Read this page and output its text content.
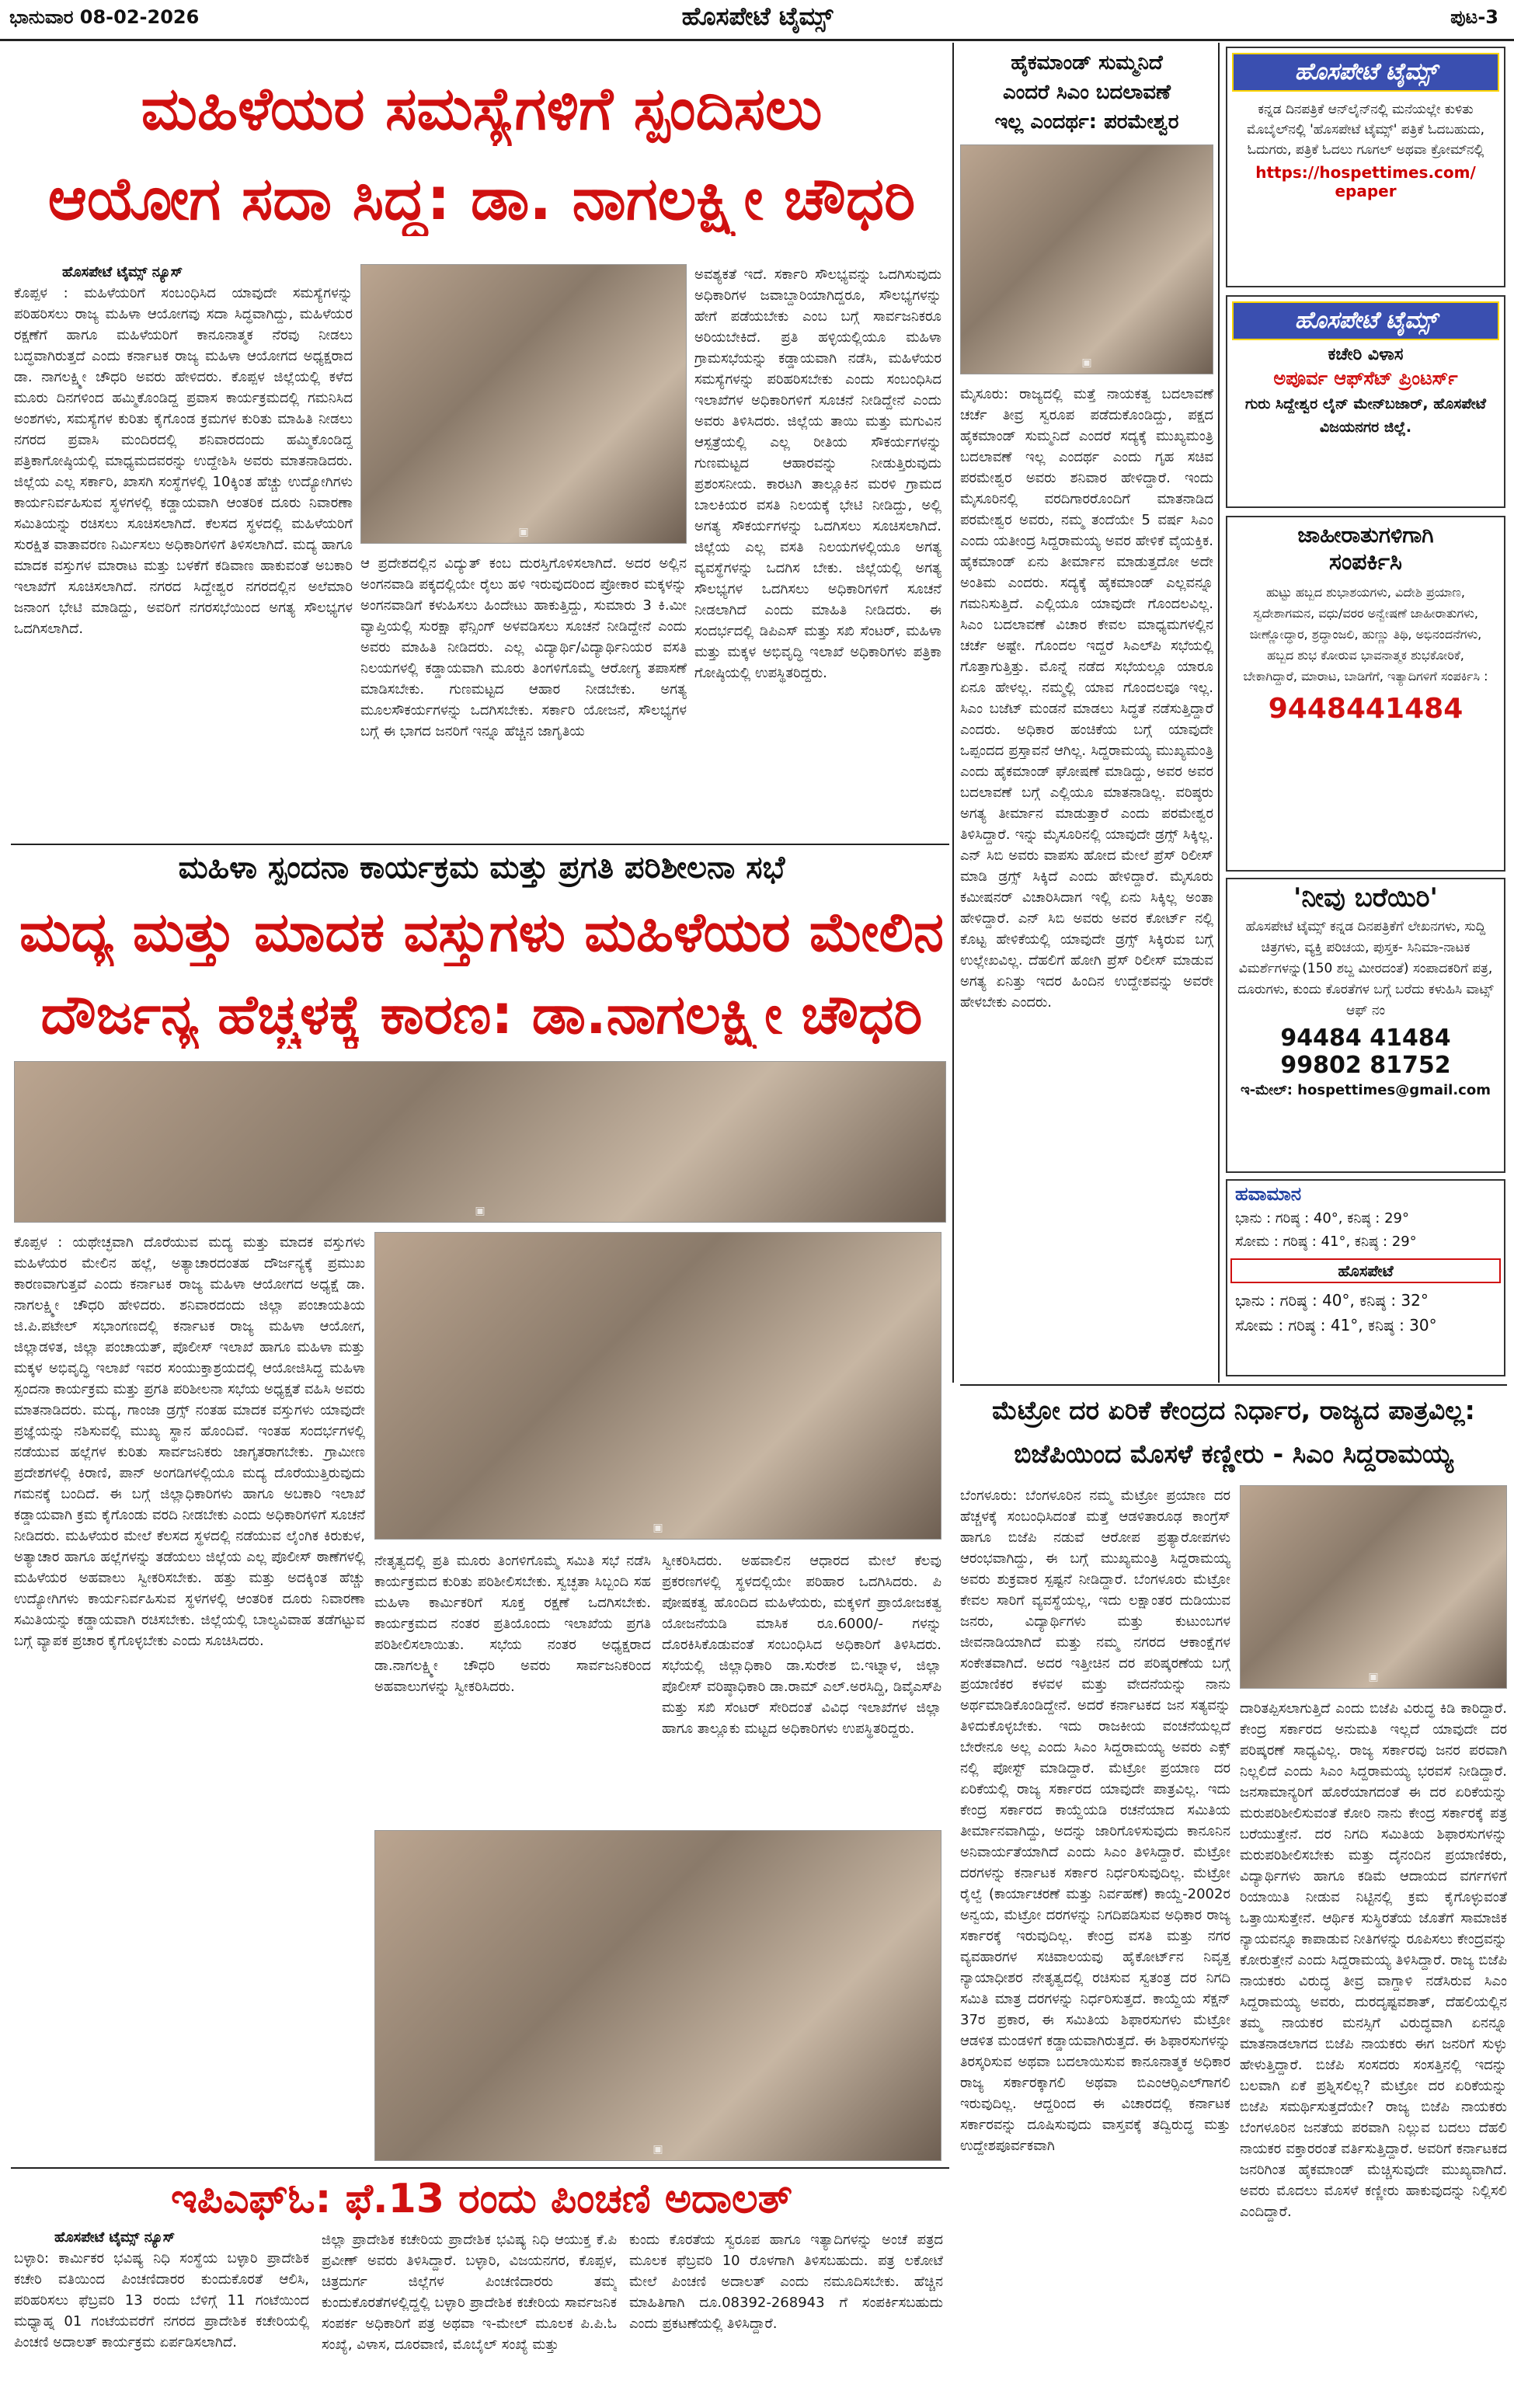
ಭಾನುವಾರ 08-02-2026	ಹೊಸಪೇಟೆ ಟೈಮ್ಸ್	ಪುಟ-3
ಮಹಿಳೆಯರ ಸಮಸ್ಯೆಗಳಿಗೆ ಸ್ಪಂದಿಸಲು
ಆಯೋಗ ಸದಾ ಸಿದ್ಧ: ಡಾ. ನಾಗಲಕ್ಷ್ಮೀ ಚೌಧರಿ
ಹೊಸಪೇಟೆ ಟೈಮ್ಸ್ ನ್ಯೂಸ್
ಕೊಪ್ಪಳ : ಮಹಿಳೆಯರಿಗೆ ಸಂಬಂಧಿಸಿದ ಯಾವುದೇ ಸಮಸ್ಯೆಗಳನ್ನು ಪರಿಹರಿಸಲು ರಾಜ್ಯ ಮಹಿಳಾ ಆಯೋಗವು ಸದಾ ಸಿದ್ಧವಾಗಿದ್ದು, ಮಹಿಳೆಯರ ರಕ್ಷಣೆಗೆ ಹಾಗೂ ಮಹಿಳೆಯರಿಗೆ ಕಾನೂನಾತ್ಮಕ ನೆರವು ನೀಡಲು ಬದ್ಧವಾಗಿರುತ್ತದೆ ಎಂದು ಕರ್ನಾಟಕ ರಾಜ್ಯ ಮಹಿಳಾ ಆಯೋಗದ ಅಧ್ಯಕ್ಷರಾದ ಡಾ. ನಾಗಲಕ್ಷ್ಮೀ ಚೌಧರಿ ಅವರು ಹೇಳಿದರು. ಕೊಪ್ಪಳ ಜಿಲ್ಲೆಯಲ್ಲಿ ಕಳೆದ ಮೂರು ದಿನಗಳಿಂದ ಹಮ್ಮಿಕೊಂಡಿದ್ದ ಪ್ರವಾಸ ಕಾರ್ಯಕ್ರಮದಲ್ಲಿ ಗಮನಿಸಿದ ಅಂಶಗಳು, ಸಮಸ್ಯೆಗಳ ಕುರಿತು ಕೈಗೊಂಡ ಕ್ರಮಗಳ ಕುರಿತು ಮಾಹಿತಿ ನೀಡಲು ನಗರದ ಪ್ರವಾಸಿ ಮಂದಿರದಲ್ಲಿ ಶನಿವಾರದಂದು ಹಮ್ಮಿಕೊಂಡಿದ್ದ ಪತ್ರಿಕಾಗೋಷ್ಠಿಯಲ್ಲಿ ಮಾಧ್ಯಮದವರನ್ನು ಉದ್ದೇಶಿಸಿ ಅವರು ಮಾತನಾಡಿದರು. ಜಿಲ್ಲೆಯ ಎಲ್ಲ ಸರ್ಕಾರಿ, ಖಾಸಗಿ ಸಂಸ್ಥೆಗಳಲ್ಲಿ 10ಕ್ಕಿಂತ ಹೆಚ್ಚು ಉದ್ಯೋಗಿಗಳು ಕಾರ್ಯನಿರ್ವಹಿಸುವ ಸ್ಥಳಗಳಲ್ಲಿ ಕಡ್ಡಾಯವಾಗಿ ಆಂತರಿಕ ದೂರು ನಿವಾರಣಾ ಸಮಿತಿಯನ್ನು ರಚಿಸಲು ಸೂಚಿಸಲಾಗಿದೆ. ಕೆಲಸದ ಸ್ಥಳದಲ್ಲಿ ಮಹಿಳೆಯರಿಗೆ ಸುರಕ್ಷಿತ ವಾತಾವರಣ ನಿರ್ಮಿಸಲು ಅಧಿಕಾರಿಗಳಿಗೆ ತಿಳಿಸಲಾಗಿದೆ. ಮದ್ಯ ಹಾಗೂ ಮಾದಕ ವಸ್ತುಗಳ ಮಾರಾಟ ಮತ್ತು ಬಳಕೆಗೆ ಕಡಿವಾಣ ಹಾಕುವಂತೆ ಅಬಕಾರಿ ಇಲಾಖೆಗೆ ಸೂಚಿಸಲಾಗಿದೆ. ನಗರದ ಸಿದ್ದೇಶ್ವರ ನಗರದಲ್ಲಿನ ಅಲೆಮಾರಿ ಜನಾಂಗ ಭೇಟಿ ಮಾಡಿದ್ದು, ಅವರಿಗೆ ನಗರಸಭೆಯಿಂದ ಅಗತ್ಯ ಸೌಲಭ್ಯಗಳ ಒದಗಿಸಲಾಗಿದೆ.
▣
ಆ ಪ್ರದೇಶದಲ್ಲಿನ ವಿದ್ಯುತ್ ಕಂಬ ದುರಸ್ತಿಗೊಳಿಸಲಾಗಿದೆ. ಅದರ ಅಲ್ಲಿನ ಅಂಗನವಾಡಿ ಪಕ್ಕದಲ್ಲಿಯೇ ರೈಲು ಹಳಿ ಇರುವುದರಿಂದ ಪ್ರೋಕಾರ ಮಕ್ಕಳನ್ನು ಅಂಗನವಾಡಿಗೆ ಕಳುಹಿಸಲು ಹಿಂದೇಟು ಹಾಕುತ್ತಿದ್ದು, ಸುಮಾರು 3 ಕಿ.ಮೀ ವ್ಯಾಪ್ತಿಯಲ್ಲಿ ಸುರಕ್ಷಾ ಫೆನ್ಸಿಂಗ್ ಅಳವಡಿಸಲು ಸೂಚನೆ ನೀಡಿದ್ದೇನೆ ಎಂದು ಅವರು ಮಾಹಿತಿ ನೀಡಿದರು. ಎಲ್ಲ ವಿದ್ಯಾರ್ಥಿ/ವಿದ್ಯಾರ್ಥಿನಿಯರ ವಸತಿ ನಿಲಯಗಳಲ್ಲಿ ಕಡ್ಡಾಯವಾಗಿ ಮೂರು ತಿಂಗಳಿಗೊಮ್ಮೆ ಆರೋಗ್ಯ ತಪಾಸಣೆ ಮಾಡಿಸಬೇಕು. ಗುಣಮಟ್ಟದ ಆಹಾರ ನೀಡಬೇಕು. ಅಗತ್ಯ ಮೂಲಸೌಕರ್ಯಗಳನ್ನು ಒದಗಿಸಬೇಕು. ಸರ್ಕಾರಿ ಯೋಜನೆ, ಸೌಲಭ್ಯಗಳ ಬಗ್ಗೆ ಈ ಭಾಗದ ಜನರಿಗೆ ಇನ್ನೂ ಹೆಚ್ಚಿನ ಜಾಗೃತಿಯ
ಅವಶ್ಯಕತೆ ಇದೆ. ಸರ್ಕಾರಿ ಸೌಲಭ್ಯವನ್ನು ಒದಗಿಸುವುದು ಅಧಿಕಾರಿಗಳ ಜವಾಬ್ದಾರಿಯಾಗಿದ್ದರೂ, ಸೌಲಭ್ಯಗಳನ್ನು ಹೇಗೆ ಪಡೆಯಬೇಕು ಎಂಬ ಬಗ್ಗೆ ಸಾರ್ವಜನಿಕರೂ ಅರಿಯಬೇಕಿದೆ. ಪ್ರತಿ ಹಳ್ಳಿಯಲ್ಲಿಯೂ ಮಹಿಳಾ ಗ್ರಾಮಸಭೆಯನ್ನು ಕಡ್ಡಾಯವಾಗಿ ನಡೆಸಿ, ಮಹಿಳೆಯರ ಸಮಸ್ಯೆಗಳನ್ನು ಪರಿಹರಿಸಬೇಕು ಎಂದು ಸಂಬಂಧಿಸಿದ ಇಲಾಖೆಗಳ ಅಧಿಕಾರಿಗಳಿಗೆ ಸೂಚನೆ ನೀಡಿದ್ದೇನೆ ಎಂದು ಅವರು ತಿಳಿಸಿದರು. ಜಿಲ್ಲೆಯ ತಾಯಿ ಮತ್ತು ಮಗುವಿನ ಆಸ್ಪತ್ರೆಯಲ್ಲಿ ಎಲ್ಲ ರೀತಿಯ ಸೌಕರ್ಯಗಳನ್ನು ಗುಣಮಟ್ಟದ ಆಹಾರವನ್ನು ನೀಡುತ್ತಿರುವುದು ಪ್ರಶಂಸನೀಯ. ಕಾರಟಗಿ ತಾಲ್ಲೂಕಿನ ಮರಳಿ ಗ್ರಾಮದ ಬಾಲಕಿಯರ ವಸತಿ ನಿಲಯಕ್ಕೆ ಭೇಟಿ ನೀಡಿದ್ದು, ಅಲ್ಲಿ ಅಗತ್ಯ ಸೌಕರ್ಯಗಳನ್ನು ಒದಗಿಸಲು ಸೂಚಿಸಲಾಗಿದೆ. ಜಿಲ್ಲೆಯ ಎಲ್ಲ ವಸತಿ ನಿಲಯಗಳಲ್ಲಿಯೂ ಅಗತ್ಯ ವ್ಯವಸ್ಥೆಗಳನ್ನು ಒದಗಿಸ ಬೇಕು. ಜಿಲ್ಲೆಯಲ್ಲಿ ಅಗತ್ಯ ಸೌಲಭ್ಯಗಳ ಒದಗಿಸಲು ಅಧಿಕಾರಿಗಳಿಗೆ ಸೂಚನೆ ನೀಡಲಾಗಿದೆ ಎಂದು ಮಾಹಿತಿ ನೀಡಿದರು. ಈ ಸಂದರ್ಭದಲ್ಲಿ ಡಿಪಿಎಸ್ ಮತ್ತು ಸಖಿ ಸೆಂಟರ್, ಮಹಿಳಾ ಮತ್ತು ಮಕ್ಕಳ ಅಭಿವೃದ್ಧಿ ಇಲಾಖೆ ಅಧಿಕಾರಿಗಳು ಪತ್ರಿಕಾ ಗೋಷ್ಠಿಯಲ್ಲಿ ಉಪಸ್ಥಿತರಿದ್ದರು.
ಮಹಿಳಾ ಸ್ಪಂದನಾ ಕಾರ್ಯಕ್ರಮ ಮತ್ತು ಪ್ರಗತಿ ಪರಿಶೀಲನಾ ಸಭೆ
ಮದ್ಯ ಮತ್ತು ಮಾದಕ ವಸ್ತುಗಳು ಮಹಿಳೆಯರ ಮೇಲಿನ
ದೌರ್ಜನ್ಯ ಹೆಚ್ಚಳಕ್ಕೆ ಕಾರಣ: ಡಾ.ನಾಗಲಕ್ಷ್ಮೀ ಚೌಧರಿ
▣
ಕೊಪ್ಪಳ : ಯಥೇಚ್ಛವಾಗಿ ದೊರೆಯುವ ಮದ್ಯ ಮತ್ತು ಮಾದಕ ವಸ್ತುಗಳು ಮಹಿಳೆಯರ ಮೇಲಿನ ಹಲ್ಲೆ, ಅತ್ಯಾಚಾರದಂತಹ ದೌರ್ಜನ್ಯಕ್ಕೆ ಪ್ರಮುಖ ಕಾರಣವಾಗುತ್ತವೆ ಎಂದು ಕರ್ನಾಟಕ ರಾಜ್ಯ ಮಹಿಳಾ ಆಯೋಗದ ಅಧ್ಯಕ್ಷೆ ಡಾ. ನಾಗಲಕ್ಷ್ಮೀ ಚೌಧರಿ ಹೇಳಿದರು. ಶನಿವಾರದಂದು ಜಿಲ್ಲಾ ಪಂಚಾಯತಿಯ ಜಿ.ಪಿ.ಪಟೇಲ್ ಸಭಾಂಗಣದಲ್ಲಿ ಕರ್ನಾಟಕ ರಾಜ್ಯ ಮಹಿಳಾ ಆಯೋಗ, ಜಿಲ್ಲಾಡಳಿತ, ಜಿಲ್ಲಾ ಪಂಚಾಯತ್, ಪೊಲೀಸ್ ಇಲಾಖೆ ಹಾಗೂ ಮಹಿಳಾ ಮತ್ತು ಮಕ್ಕಳ ಅಭಿವೃದ್ಧಿ ಇಲಾಖೆ ಇವರ ಸಂಯುಕ್ತಾಶ್ರಯದಲ್ಲಿ ಆಯೋಜಿಸಿದ್ದ ಮಹಿಳಾ ಸ್ಪಂದನಾ ಕಾರ್ಯಕ್ರಮ ಮತ್ತು ಪ್ರಗತಿ ಪರಿಶೀಲನಾ ಸಭೆಯ ಅಧ್ಯಕ್ಷತೆ ವಹಿಸಿ ಅವರು ಮಾತನಾಡಿದರು. ಮದ್ಯ, ಗಾಂಜಾ ಡ್ರಗ್ಸ್ ನಂತಹ ಮಾದಕ ವಸ್ತುಗಳು ಯಾವುದೇ ಪ್ರಜ್ಞೆಯನ್ನು ನಶಿಸುವಲ್ಲಿ ಮುಖ್ಯ ಸ್ಥಾನ ಹೊಂದಿವೆ. ಇಂತಹ ಸಂದರ್ಭಗಳಲ್ಲಿ ನಡೆಯುವ ಹಲ್ಲೆಗಳ ಕುರಿತು ಸಾರ್ವಜನಿಕರು ಜಾಗೃತರಾಗಬೇಕು. ಗ್ರಾಮೀಣ ಪ್ರದೇಶಗಳಲ್ಲಿ ಕಿರಾಣಿ, ಪಾನ್ ಅಂಗಡಿಗಳಲ್ಲಿಯೂ ಮದ್ಯ ದೊರೆಯುತ್ತಿರುವುದು ಗಮನಕ್ಕೆ ಬಂದಿದೆ. ಈ ಬಗ್ಗೆ ಜಿಲ್ಲಾಧಿಕಾರಿಗಳು ಹಾಗೂ ಅಬಕಾರಿ ಇಲಾಖೆ ಕಡ್ಡಾಯವಾಗಿ ಕ್ರಮ ಕೈಗೊಂಡು ವರದಿ ನೀಡಬೇಕು ಎಂದು ಅಧಿಕಾರಿಗಳಿಗೆ ಸೂಚನೆ ನೀಡಿದರು. ಮಹಿಳೆಯರ ಮೇಲೆ ಕೆಲಸದ ಸ್ಥಳದಲ್ಲಿ ನಡೆಯುವ ಲೈಂಗಿಕ ಕಿರುಕುಳ, ಅತ್ಯಾಚಾರ ಹಾಗೂ ಹಲ್ಲೆಗಳನ್ನು ತಡೆಯಲು ಜಿಲ್ಲೆಯ ಎಲ್ಲ ಪೊಲೀಸ್ ಠಾಣೆಗಳಲ್ಲಿ ಮಹಿಳೆಯರ ಅಹವಾಲು ಸ್ವೀಕರಿಸಬೇಕು. ಹತ್ತು ಮತ್ತು ಅದಕ್ಕಿಂತ ಹೆಚ್ಚು ಉದ್ಯೋಗಿಗಳು ಕಾರ್ಯನಿರ್ವಹಿಸುವ ಸ್ಥಳಗಳಲ್ಲಿ ಆಂತರಿಕ ದೂರು ನಿವಾರಣಾ ಸಮಿತಿಯನ್ನು ಕಡ್ಡಾಯವಾಗಿ ರಚಿಸಬೇಕು. ಜಿಲ್ಲೆಯಲ್ಲಿ ಬಾಲ್ಯವಿವಾಹ ತಡೆಗಟ್ಟುವ ಬಗ್ಗೆ ವ್ಯಾಪಕ ಪ್ರಚಾರ ಕೈಗೊಳ್ಳಬೇಕು ಎಂದು ಸೂಚಿಸಿದರು.
▣
ನೇತೃತ್ವದಲ್ಲಿ ಪ್ರತಿ ಮೂರು ತಿಂಗಳಿಗೊಮ್ಮೆ ಸಮಿತಿ ಸಭೆ ನಡೆಸಿ ಕಾರ್ಯಕ್ರಮದ ಕುರಿತು ಪರಿಶೀಲಿಸಬೇಕು. ಸ್ವಚ್ಛತಾ ಸಿಬ್ಬಂದಿ ಸಹ ಮಹಿಳಾ ಕಾರ್ಮಿಕರಿಗೆ ಸೂಕ್ತ ರಕ್ಷಣೆ ಒದಗಿಸಬೇಕು. ಕಾರ್ಯಕ್ರಮದ ನಂತರ ಪ್ರತಿಯೊಂದು ಇಲಾಖೆಯ ಪ್ರಗತಿ ಪರಿಶೀಲಿಸಲಾಯಿತು. ಸಭೆಯ ನಂತರ ಅಧ್ಯಕ್ಷರಾದ ಡಾ.ನಾಗಲಕ್ಷ್ಮೀ ಚೌಧರಿ ಅವರು ಸಾರ್ವಜನಿಕರಿಂದ ಅಹವಾಲುಗಳನ್ನು ಸ್ವೀಕರಿಸಿದರು.
ಸ್ವೀಕರಿಸಿದರು. ಅಹವಾಲಿನ ಆಧಾರದ ಮೇಲೆ ಕೆಲವು ಪ್ರಕರಣಗಳಲ್ಲಿ ಸ್ಥಳದಲ್ಲಿಯೇ ಪರಿಹಾರ ಒದಗಿಸಿದರು. ಪಿ ಪೋಷಕತ್ವ ಹೊಂದಿದ ಮಹಿಳೆಯರು, ಮಕ್ಕಳಿಗೆ ಪ್ರಾಯೋಜಕತ್ವ ಯೋಜನೆಯಡಿ ಮಾಸಿಕ ರೂ.6000/- ಗಳನ್ನು ದೊರಕಿಸಿಕೊಡುವಂತೆ ಸಂಬಂಧಿಸಿದ ಅಧಿಕಾರಿಗೆ ತಿಳಿಸಿದರು. ಸಭೆಯಲ್ಲಿ ಜಿಲ್ಲಾಧಿಕಾರಿ ಡಾ.ಸುರೇಶ ಬಿ.ಇಟ್ನಾಳ, ಜಿಲ್ಲಾ ಪೊಲೀಸ್ ವರಿಷ್ಠಾಧಿಕಾರಿ ಡಾ.ರಾಮ್ ಎಲ್.ಅರಸಿದ್ದಿ, ಡಿವೈಎಸ್‍ಪಿ ಮತ್ತು ಸಖಿ ಸೆಂಟರ್ ಸೇರಿದಂತೆ ವಿವಿಧ ಇಲಾಖೆಗಳ ಜಿಲ್ಲಾ ಹಾಗೂ ತಾಲ್ಲೂಕು ಮಟ್ಟದ ಅಧಿಕಾರಿಗಳು ಉಪಸ್ಥಿತರಿದ್ದರು.
▣
ಇಪಿಎಫ್‍ಓ: ಫೆ.13 ರಂದು ಪಿಂಚಣಿ ಅದಾಲತ್
ಹೊಸಪೇಟೆ ಟೈಮ್ಸ್ ನ್ಯೂಸ್
ಬಳ್ಳಾರಿ: ಕಾರ್ಮಿಕರ ಭವಿಷ್ಯ ನಿಧಿ ಸಂಸ್ಥೆಯ ಬಳ್ಳಾರಿ ಪ್ರಾದೇಶಿಕ ಕಚೇರಿ ವತಿಯಿಂದ ಪಿಂಚಣಿದಾರರ ಕುಂದುಕೊರತೆ ಆಲಿಸಿ, ಪರಿಹರಿಸಲು ಫೆಬ್ರವರಿ 13 ರಂದು ಬೆಳಿಗ್ಗೆ 11 ಗಂಟೆಯಿಂದ ಮಧ್ಯಾಹ್ನ 01 ಗಂಟೆಯವರೆಗೆ ನಗರದ ಪ್ರಾದೇಶಿಕ ಕಚೇರಿಯಲ್ಲಿ ಪಿಂಚಣಿ ಅದಾಲತ್ ಕಾರ್ಯಕ್ರಮ ಏರ್ಪಡಿಸಲಾಗಿದೆ.
ಜಿಲ್ಲಾ ಪ್ರಾದೇಶಿಕ ಕಚೇರಿಯ ಪ್ರಾದೇಶಿಕ ಭವಿಷ್ಯ ನಿಧಿ ಆಯುಕ್ತ ಕೆ.ಪಿ ಪ್ರವೀಣ್ ಅವರು ತಿಳಿಸಿದ್ದಾರೆ. ಬಳ್ಳಾರಿ, ವಿಜಯನಗರ, ಕೊಪ್ಪಳ, ಚಿತ್ರದುರ್ಗ ಜಿಲ್ಲೆಗಳ ಪಿಂಚಣಿದಾರರು ತಮ್ಮ ಕುಂದುಕೊರತೆಗಳಲ್ಲಿದ್ದಲ್ಲಿ ಬಳ್ಳಾರಿ ಪ್ರಾದೇಶಿಕ ಕಚೇರಿಯ ಸಾರ್ವಜನಿಕ ಸಂಪರ್ಕ ಅಧಿಕಾರಿಗೆ ಪತ್ರ ಅಥವಾ ಇ-ಮೇಲ್ ಮೂಲಕ ಪಿ.ಪಿ.ಓ ಸಂಖ್ಯೆ, ವಿಳಾಸ, ದೂರವಾಣಿ, ಮೊಬೈಲ್ ಸಂಖ್ಯೆ ಮತ್ತು
ಕುಂದು ಕೊರತೆಯ ಸ್ವರೂಪ ಹಾಗೂ ಇತ್ಯಾದಿಗಳನ್ನು ಅಂಚೆ ಪತ್ರದ ಮೂಲಕ ಫೆಬ್ರವರಿ 10 ರೊಳಗಾಗಿ ತಿಳಿಸಬಹುದು. ಪತ್ರ ಲಕೋಟೆ ಮೇಲೆ ಪಿಂಚಣಿ ಅದಾಲತ್ ಎಂದು ನಮೂದಿಸಬೇಕು. ಹೆಚ್ಚಿನ ಮಾಹಿತಿಗಾಗಿ ದೂ.08392-268943 ಗೆ ಸಂಪರ್ಕಿಸಬಹುದು ಎಂದು ಪ್ರಕಟಣೆಯಲ್ಲಿ ತಿಳಿಸಿದ್ದಾರೆ.
ಹೈಕಮಾಂಡ್ ಸುಮ್ಮನಿದೆ
ಎಂದರೆ ಸಿಎಂ ಬದಲಾವಣೆ
ಇಲ್ಲ ಎಂದರ್ಥ: ಪರಮೇಶ್ವರ
▣
ಮೈಸೂರು: ರಾಜ್ಯದಲ್ಲಿ ಮತ್ತೆ ನಾಯಕತ್ವ ಬದಲಾವಣೆ ಚರ್ಚೆ ತೀವ್ರ ಸ್ವರೂಪ ಪಡೆದುಕೊಂಡಿದ್ದು, ಪಕ್ಷದ ಹೈಕಮಾಂಡ್ ಸುಮ್ಮನಿದೆ ಎಂದರೆ ಸದ್ಯಕ್ಕೆ ಮುಖ್ಯಮಂತ್ರಿ ಬದಲಾವಣೆ ಇಲ್ಲ ಎಂದರ್ಥ ಎಂದು ಗೃಹ ಸಚಿವ ಪರಮೇಶ್ವರ ಅವರು ಶನಿವಾರ ಹೇಳಿದ್ದಾರೆ. ಇಂದು ಮೈಸೂರಿನಲ್ಲಿ ವರದಿಗಾರರೊಂದಿಗೆ ಮಾತನಾಡಿದ ಪರಮೇಶ್ವರ ಅವರು, ನಮ್ಮ ತಂದೆಯೇ 5 ವರ್ಷ ಸಿಎಂ ಎಂದು ಯತೀಂದ್ರ ಸಿದ್ದರಾಮಯ್ಯ ಅವರ ಹೇಳಿಕೆ ವೈಯಕ್ತಿಕ. ಹೈಕಮಾಂಡ್ ಏನು ತೀರ್ಮಾನ ಮಾಡುತ್ತದೋ ಅದೇ ಅಂತಿಮ ಎಂದರು. ಸದ್ಯಕ್ಕೆ ಹೈಕಮಾಂಡ್ ಎಲ್ಲವನ್ನೂ ಗಮನಿಸುತ್ತಿದೆ. ಎಲ್ಲಿಯೂ ಯಾವುದೇ ಗೊಂದಲವಿಲ್ಲ. ಸಿಎಂ ಬದಲಾವಣೆ ವಿಚಾರ ಕೇವಲ ಮಾಧ್ಯಮಗಳಲ್ಲಿನ ಚರ್ಚೆ ಅಷ್ಟೇ. ಗೊಂದಲ ಇದ್ದರೆ ಸಿಎಲ್‍ಪಿ ಸಭೆಯಲ್ಲಿ ಗೊತ್ತಾಗುತ್ತಿತ್ತು. ಮೊನ್ನೆ ನಡೆದ ಸಭೆಯಲ್ಲೂ ಯಾರೂ ಏನೂ ಹೇಳಲ್ಲ. ನಮ್ಮಲ್ಲಿ ಯಾವ ಗೊಂದಲವೂ ಇಲ್ಲ. ಸಿಎಂ ಬಜೆಟ್ ಮಂಡನೆ ಮಾಡಲು ಸಿದ್ಧತೆ ನಡೆಸುತ್ತಿದ್ದಾರೆ ಎಂದರು. ಅಧಿಕಾರ ಹಂಚಿಕೆಯ ಬಗ್ಗೆ ಯಾವುದೇ ಒಪ್ಪಂದದ ಪ್ರಸ್ತಾವನೆ ಆಗಿಲ್ಲ. ಸಿದ್ದರಾಮಯ್ಯ ಮುಖ್ಯಮಂತ್ರಿ ಎಂದು ಹೈಕಮಾಂಡ್ ಘೋಷಣೆ ಮಾಡಿದ್ದು, ಅವರ ಅವರ ಬದಲಾವಣೆ ಬಗ್ಗೆ ಎಲ್ಲಿಯೂ ಮಾತನಾಡಿಲ್ಲ. ವರಿಷ್ಠರು ಅಗತ್ಯ ತೀರ್ಮಾನ ಮಾಡುತ್ತಾರೆ ಎಂದು ಪರಮೇಶ್ವರ ತಿಳಿಸಿದ್ದಾರೆ. ಇನ್ನು ಮೈಸೂರಿನಲ್ಲಿ ಯಾವುದೇ ಡ್ರಗ್ಸ್ ಸಿಕ್ಕಿಲ್ಲ. ಎನ್ ಸಿಬಿ ಅವರು ವಾಪಸು ಹೋದ ಮೇಲೆ ಪ್ರೆಸ್ ರಿಲೀಸ್ ಮಾಡಿ ಡ್ರಗ್ಸ್ ಸಿಕ್ಕಿದೆ ಎಂದು ಹೇಳಿದ್ದಾರೆ. ಮೈಸೂರು ಕಮೀಷನರ್ ವಿಚಾರಿಸಿದಾಗ ಇಲ್ಲಿ ಏನು ಸಿಕ್ಕಿಲ್ಲ ಅಂತಾ ಹೇಳಿದ್ದಾರೆ. ಎನ್ ಸಿಬಿ ಅವರು ಅವರ ಕೋರ್ಟ್ ನಲ್ಲಿ ಕೊಟ್ಟ ಹೇಳಿಕೆಯಲ್ಲಿ ಯಾವುದೇ ಡ್ರಗ್ಸ್ ಸಿಕ್ಕಿರುವ ಬಗ್ಗೆ ಉಲ್ಲೇಖವಿಲ್ಲ. ದೆಹಲಿಗೆ ಹೋಗಿ ಪ್ರೆಸ್ ರಿಲೀಸ್ ಮಾಡುವ ಅಗತ್ಯ ಏನಿತ್ತು ಇದರ ಹಿಂದಿನ ಉದ್ದೇಶವನ್ನು ಅವರೇ ಹೇಳಬೇಕು ಎಂದರು.
ಹೊಸಪೇಟೆ ಟೈಮ್ಸ್
ಕನ್ನಡ ದಿನಪತ್ರಿಕೆ ಆನ್‍ಲೈನ್‍ನಲ್ಲಿ ಮನೆಯಲ್ಲೇ ಕುಳಿತು ಮೊಬೈಲ್‍ನಲ್ಲಿ 'ಹೊಸಪೇಟೆ ಟೈಮ್ಸ್' ಪತ್ರಿಕೆ ಓದಬಹುದು, ಓದುಗರು, ಪತ್ರಿಕೆ ಓದಲು ಗೂಗಲ್ ಅಥವಾ ಕ್ರೋಮ್‍ನಲ್ಲಿ
https://hospettimes.com/
epaper
ಹೊಸಪೇಟೆ ಟೈಮ್ಸ್
ಕಚೇರಿ ವಿಳಾಸ
ಅಪೂರ್ವ ಆಫ್‍ಸೆಟ್ ಪ್ರಿಂಟರ್ಸ್
ಗುರು ಸಿದ್ದೇಶ್ವರ ಲೈನ್ ಮೇನ್‍ಬಜಾರ್, ಹೊಸಪೇಟೆ ವಿಜಯನಗರ ಜಿಲ್ಲೆ.
ಜಾಹೀರಾತುಗಳಿಗಾಗಿ
ಸಂಪರ್ಕಿಸಿ
ಹುಟ್ಟು ಹಬ್ಬದ ಶುಭಾಶಯಗಳು, ವಿದೇಶಿ ಪ್ರಯಾಣ, ಸ್ವದೇಶಾಗಮನ, ವಧು/ವರರ ಅನ್ವೇಷಣೆ ಜಾಹೀರಾತುಗಳು, ಜೀಣ್ಣೋದ್ಧಾರ, ಶ್ರದ್ಧಾಂಜಲಿ, ಹುಣ್ಣು ತಿಥಿ, ಅಭಿನಂದನೆಗಳು, ಹಬ್ಬದ ಶುಭ ಕೋರುವ ಭಾವನಾತ್ಮಕ ಶುಭಕೋರಿಕೆ, ಬೇಕಾಗಿದ್ದಾರೆ, ಮಾರಾಟ, ಬಾಡಿಗೆಗೆ, ಇತ್ಯಾದಿಗಳಿಗೆ ಸಂಪರ್ಕಿಸಿ :
9448441484
'ನೀವು ಬರೆಯಿರಿ'
ಹೊಸಪೇಟೆ ಟೈಮ್ಸ್ ಕನ್ನಡ ದಿನಪತ್ರಿಕೆಗೆ ಲೇಖನಗಳು, ಸುದ್ದಿ ಚಿತ್ರಗಳು, ವ್ಯಕ್ತಿ ಪರಿಚಯ, ಪುಸ್ತಕ- ಸಿನಿಮಾ-ನಾಟಕ ವಿಮರ್ಶೆಗಳನ್ನು(150 ಶಬ್ದ ಮೀರದಂತೆ) ಸಂಪಾದಕರಿಗೆ ಪತ್ರ, ದೂರುಗಳು, ಕುಂದು ಕೊರತೆಗಳ ಬಗ್ಗೆ ಬರೆದು ಕಳುಹಿಸಿ ವಾಟ್ಸ್ ಆಫ್ ನಂ
94484 41484
99802 81752
ಇ-ಮೇಲ್: hospettimes@gmail.com
ಹವಾಮಾನ
ಭಾನು : ಗರಿಷ್ಠ : 40°, ಕನಿಷ್ಠ : 29°
ಸೋಮ : ಗರಿಷ್ಠ : 41°, ಕನಿಷ್ಠ : 29°
ಹೊಸಪೇಟೆ
ಭಾನು : ಗರಿಷ್ಠ : 40°, ಕನಿಷ್ಠ : 32°
ಸೋಮ : ಗರಿಷ್ಠ : 41°, ಕನಿಷ್ಠ : 30°
ಮೆಟ್ರೋ ದರ ಏರಿಕೆ ಕೇಂದ್ರದ ನಿರ್ಧಾರ, ರಾಜ್ಯದ ಪಾತ್ರವಿಲ್ಲ:
ಬಿಜೆಪಿಯಿಂದ ಮೊಸಳೆ ಕಣ್ಣೀರು - ಸಿಎಂ ಸಿದ್ದರಾಮಯ್ಯ
ಬೆಂಗಳೂರು: ಬೆಂಗಳೂರಿನ ನಮ್ಮ ಮೆಟ್ರೋ ಪ್ರಯಾಣ ದರ ಹೆಚ್ಚಳಕ್ಕೆ ಸಂಬಂಧಿಸಿದಂತೆ ಮತ್ತೆ ಆಡಳಿತಾರೂಢ ಕಾಂಗ್ರೆಸ್ ಹಾಗೂ ಬಿಜೆಪಿ ನಡುವೆ ಆರೋಪ ಪ್ರತ್ಯಾರೋಪಗಳು ಆರಂಭವಾಗಿದ್ದು, ಈ ಬಗ್ಗೆ ಮುಖ್ಯಮಂತ್ರಿ ಸಿದ್ದರಾಮಯ್ಯ ಅವರು ಶುಕ್ರವಾರ ಸ್ಪಷ್ಟನೆ ನೀಡಿದ್ದಾರೆ. ಬೆಂಗಳೂರು ಮೆಟ್ರೋ ಕೇವಲ ಸಾರಿಗೆ ವ್ಯವಸ್ಥೆಯಲ್ಲ, ಇದು ಲಕ್ಷಾಂತರ ದುಡಿಯುವ ಜನರು, ವಿದ್ಯಾರ್ಥಿಗಳು ಮತ್ತು ಕುಟುಂಬಗಳ ಜೀವನಾಡಿಯಾಗಿದೆ ಮತ್ತು ನಮ್ಮ ನಗರದ ಆಕಾಂಕ್ಷೆಗಳ ಸಂಕೇತವಾಗಿದೆ. ಅದರ ಇತ್ತೀಚಿನ ದರ ಪರಿಷ್ಕರಣೆಯ ಬಗ್ಗೆ ಪ್ರಯಾಣಿಕರ ಕಳವಳ ಮತ್ತು ವೇದನೆಯನ್ನು ನಾನು ಅರ್ಥಮಾಡಿಕೊಂಡಿದ್ದೇನೆ. ಅದರೆ ಕರ್ನಾಟಕದ ಜನ ಸತ್ಯವನ್ನು ತಿಳಿದುಕೊಳ್ಳಬೇಕು. ಇದು ರಾಜಕೀಯ ವಂಚನೆಯಲ್ಲದೆ ಬೇರೇನೂ ಅಲ್ಲ ಎಂದು ಸಿಎಂ ಸಿದ್ದರಾಮಯ್ಯ ಅವರು ಎಕ್ಸ್ ನಲ್ಲಿ ಪೋಸ್ಟ್ ಮಾಡಿದ್ದಾರೆ. ಮೆಟ್ರೋ ಪ್ರಯಾಣ ದರ ಏರಿಕೆಯಲ್ಲಿ ರಾಜ್ಯ ಸರ್ಕಾರದ ಯಾವುದೇ ಪಾತ್ರವಿಲ್ಲ. ಇದು ಕೇಂದ್ರ ಸರ್ಕಾರದ ಕಾಯ್ದೆಯಡಿ ರಚನೆಯಾದ ಸಮಿತಿಯ ತೀರ್ಮಾನವಾಗಿದ್ದು, ಅದನ್ನು ಜಾರಿಗೊಳಿಸುವುದು ಕಾನೂನಿನ ಅನಿವಾರ್ಯತೆಯಾಗಿದೆ ಎಂದು ಸಿಎಂ ತಿಳಿಸಿದ್ದಾರೆ. ಮೆಟ್ರೋ ದರಗಳನ್ನು ಕರ್ನಾಟಕ ಸರ್ಕಾರ ನಿರ್ಧರಿಸುವುದಿಲ್ಲ. ಮೆಟ್ರೋ ರೈಲ್ವೆ (ಕಾರ್ಯಾಚರಣೆ ಮತ್ತು ನಿರ್ವಹಣೆ) ಕಾಯ್ದೆ-2002ರ ಅನ್ವಯ, ಮೆಟ್ರೋ ದರಗಳನ್ನು ನಿಗದಿಪಡಿಸುವ ಅಧಿಕಾರ ರಾಜ್ಯ ಸರ್ಕಾರಕ್ಕೆ ಇರುವುದಿಲ್ಲ. ಕೇಂದ್ರ ವಸತಿ ಮತ್ತು ನಗರ ವ್ಯವಹಾರಗಳ ಸಚಿವಾಲಯವು ಹೈಕೋರ್ಟ್‍ನ ನಿವೃತ್ತ ನ್ಯಾಯಾಧೀಶರ ನೇತೃತ್ವದಲ್ಲಿ ರಚಿಸುವ ಸ್ವತಂತ್ರ ದರ ನಿಗದಿ ಸಮಿತಿ ಮಾತ್ರ ದರಗಳನ್ನು ನಿರ್ಧರಿಸುತ್ತದೆ. ಕಾಯ್ದೆಯ ಸೆಕ್ಷನ್ 37ರ ಪ್ರಕಾರ, ಈ ಸಮಿತಿಯ ಶಿಫಾರಸುಗಳು ಮೆಟ್ರೋ ಆಡಳಿತ ಮಂಡಳಿಗೆ ಕಡ್ಡಾಯವಾಗಿರುತ್ತದೆ. ಈ ಶಿಫಾರಸುಗಳನ್ನು ತಿರಸ್ಕರಿಸುವ ಅಥವಾ ಬದಲಾಯಿಸುವ ಕಾನೂನಾತ್ಮಕ ಅಧಿಕಾರ ರಾಜ್ಯ ಸರ್ಕಾರಕ್ಕಾಗಲಿ ಅಥವಾ ಬಿಎಂಆರ್‍ಸಿಎಲ್‍ಗಾಗಲಿ ಇರುವುದಿಲ್ಲ. ಆದ್ದರಿಂದ ಈ ವಿಚಾರದಲ್ಲಿ ಕರ್ನಾಟಕ ಸರ್ಕಾರವನ್ನು ದೂಷಿಸುವುದು ವಾಸ್ತವಕ್ಕೆ ತದ್ವಿರುದ್ಧ ಮತ್ತು ಉದ್ದೇಶಪೂರ್ವಕವಾಗಿ
▣
ದಾರಿತಪ್ಪಿಸಲಾಗುತ್ತಿದೆ ಎಂದು ಬಿಜೆಪಿ ವಿರುದ್ಧ ಕಿಡಿ ಕಾರಿದ್ದಾರೆ. ಕೇಂದ್ರ ಸರ್ಕಾರದ ಅನುಮತಿ ಇಲ್ಲದೆ ಯಾವುದೇ ದರ ಪರಿಷ್ಕರಣೆ ಸಾಧ್ಯವಿಲ್ಲ. ರಾಜ್ಯ ಸರ್ಕಾರವು ಜನರ ಪರವಾಗಿ ನಿಲ್ಲಲಿದೆ ಎಂದು ಸಿಎಂ ಸಿದ್ದರಾಮಯ್ಯ ಭರವಸೆ ನೀಡಿದ್ದಾರೆ. ಜನಸಾಮಾನ್ಯರಿಗೆ ಹೊರೆಯಾಗದಂತೆ ಈ ದರ ಏರಿಕೆಯನ್ನು ಮರುಪರಿಶೀಲಿಸುವಂತೆ ಕೋರಿ ನಾನು ಕೇಂದ್ರ ಸರ್ಕಾರಕ್ಕೆ ಪತ್ರ ಬರೆಯುತ್ತೇನೆ. ದರ ನಿಗದಿ ಸಮಿತಿಯ ಶಿಫಾರಸುಗಳನ್ನು ಮರುಪರಿಶೀಲಿಸಬೇಕು ಮತ್ತು ದೈನಂದಿನ ಪ್ರಯಾಣಿಕರು, ವಿದ್ಯಾರ್ಥಿಗಳು ಹಾಗೂ ಕಡಿಮೆ ಆದಾಯದ ವರ್ಗಗಳಿಗೆ ರಿಯಾಯಿತಿ ನೀಡುವ ನಿಟ್ಟಿನಲ್ಲಿ ಕ್ರಮ ಕೈಗೊಳ್ಳುವಂತೆ ಒತ್ತಾಯಿಸುತ್ತೇನೆ. ಆರ್ಥಿಕ ಸುಸ್ಥಿರತೆಯ ಜೊತೆಗೆ ಸಾಮಾಜಿಕ ನ್ಯಾಯವನ್ನೂ ಕಾಪಾಡುವ ನೀತಿಗಳನ್ನು ರೂಪಿಸಲು ಕೇಂದ್ರವನ್ನು ಕೋರುತ್ತೇನೆ ಎಂದು ಸಿದ್ದರಾಮಯ್ಯ ತಿಳಿಸಿದ್ದಾರೆ. ರಾಜ್ಯ ಬಿಜೆಪಿ ನಾಯಕರು ವಿರುದ್ಧ ತೀವ್ರ ವಾಗ್ದಾಳಿ ನಡೆಸಿರುವ ಸಿಎಂ ಸಿದ್ದರಾಮಯ್ಯ ಅವರು, ದುರದೃಷ್ಟವಶಾತ್, ದೆಹಲಿಯಲ್ಲಿನ ತಮ್ಮ ನಾಯಕರ ಮನಸ್ಸಿಗೆ ವಿರುದ್ಧವಾಗಿ ಏನನ್ನೂ ಮಾತನಾಡಲಾಗದ ಬಿಜೆಪಿ ನಾಯಕರು ಈಗ ಜನರಿಗೆ ಸುಳ್ಳು ಹೇಳುತ್ತಿದ್ದಾರೆ. ಬಿಜೆಪಿ ಸಂಸದರು ಸಂಸತ್ತಿನಲ್ಲಿ ಇದನ್ನು ಬಲವಾಗಿ ಏಕೆ ಪ್ರಶ್ನಿಸಲಿಲ್ಲ? ಮೆಟ್ರೋ ದರ ಏರಿಕೆಯನ್ನು ಬಿಜೆಪಿ ಸಮರ್ಥಿಸುತ್ತದೆಯೇ? ರಾಜ್ಯ ಬಿಜೆಪಿ ನಾಯಕರು ಬೆಂಗಳೂರಿನ ಜನತೆಯ ಪರವಾಗಿ ನಿಲ್ಲುವ ಬದಲು ದೆಹಲಿ ನಾಯಕರ ವಕ್ತಾರರಂತೆ ವರ್ತಿಸುತ್ತಿದ್ದಾರೆ. ಅವರಿಗೆ ಕರ್ನಾಟಕದ ಜನರಿಗಿಂತ ಹೈಕಮಾಂಡ್ ಮೆಚ್ಚಿಸುವುದೇ ಮುಖ್ಯವಾಗಿದೆ. ಅವರು ಮೊದಲು ಮೊಸಳೆ ಕಣ್ಣೀರು ಹಾಕುವುದನ್ನು ನಿಲ್ಲಿಸಲಿ ಎಂದಿದ್ದಾರೆ.
